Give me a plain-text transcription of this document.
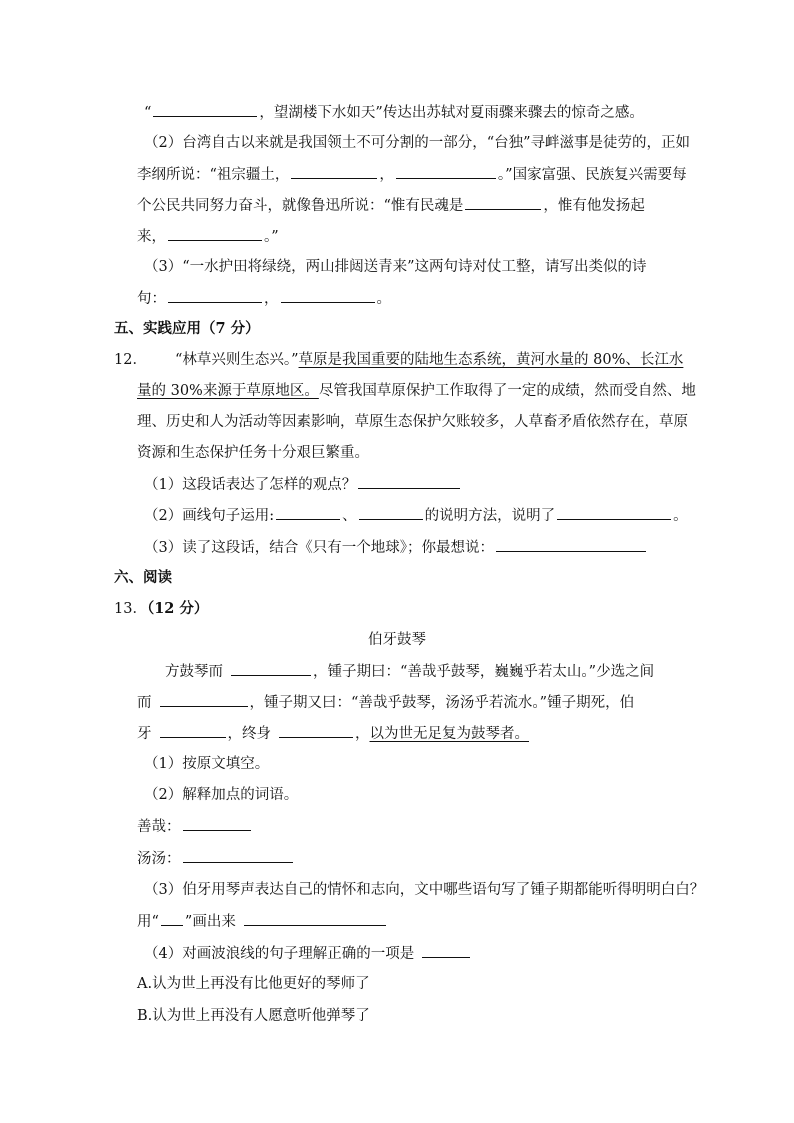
“	，望湖楼下水如天”传达出苏轼对夏雨骤来骤去的惊奇之感。
（2）台湾自古以来就是我国领土不可分割的一部分，“台独”寻衅滋事是徒劳的，正如
李纲所说：“祖宗疆土，	，	。”国家富强、民族复兴需要每
个公民共同努力奋斗，就像鲁迅所说：“惟有民魂是	，惟有他发扬起
来，	。”
（3）“一水护田将绿绕，两山排闼送青来”这两句诗对仗工整，请写出类似的诗
句：	，	。
五、实践应用（7 分）
12． “林草兴则生态兴。”草原是我国重要的陆地生态系统，黄河水量的 80%、长江水
量的 30%来源于草原地区。尽管我国草原保护工作取得了一定的成绩，然而受自然、地
理、历史和人为活动等因素影响，草原生态保护欠账较多，人草畜矛盾依然存在，草原
资源和生态保护任务十分艰巨繁重。
（1）这段话表达了怎样的观点？
（2）画线句子运用:	、	的说明方法，说明了	。
（3）读了这段话，结合《只有一个地球》；你最想说：
六、阅读
13．（12 分）
伯牙鼓琴
方鼓琴而	，锺子期曰：“善哉乎鼓琴，巍巍乎若太山。”少选之间
而	，锺子期又曰：“善哉乎鼓琴，汤汤乎若流水。”锺子期死，伯
牙	，终身	，以为世无足复为鼓琴者。
（1）按原文填空。
（2）解释加点的词语。
善哉：
汤汤：
（3）伯牙用琴声表达自己的情怀和志向，文中哪些语句写了锺子期都能听得明明白白？
用“ ”画出来
（4）对画波浪线的句子理解正确的一项是
A.认为世上再没有比他更好的琴师了
B.认为世上再没有人愿意听他弹琴了
